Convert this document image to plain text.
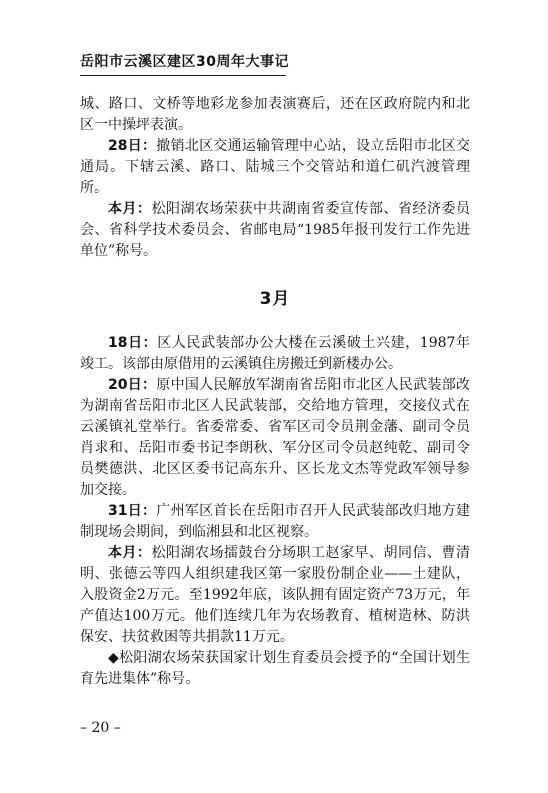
岳阳市云溪区建区30周年大事记

城、路口、文桥等地彩龙参加表演赛后，还在区政府院内和北区一中操坪表演。

28日：撤销北区交通运输管理中心站，设立岳阳市北区交通局。下辖云溪、路口、陆城三个交管站和道仁矶汽渡管理所。

本月：松阳湖农场荣获中共湖南省委宣传部、省经济委员会、省科学技术委员会、省邮电局“1985年报刊发行工作先进单位”称号。

3月

18日：区人民武装部办公大楼在云溪破土兴建，1987年竣工。该部由原借用的云溪镇住房搬迁到新楼办公。

20日：原中国人民解放军湖南省岳阳市北区人民武装部改为湖南省岳阳市北区人民武装部，交给地方管理，交接仪式在云溪镇礼堂举行。省委常委、省军区司令员荆金藩、副司令员肖求和、岳阳市委书记李朗秋、军分区司令员赵纯乾、副司令员樊德洪、北区区委书记高东升、区长龙文杰等党政军领导参加交接。

31日：广州军区首长在岳阳市召开人民武装部改归地方建制现场会期间，到临湘县和北区视察。

本月：松阳湖农场擂鼓台分场职工赵家早、胡同信、曹清明、张德云等四人组织建我区第一家股份制企业——土建队，入股资金2万元。至1992年底，该队拥有固定资产73万元，年产值达100万元。他们连续几年为农场教育、植树造林、防洪保安、扶贫救困等共捐款11万元。

◆松阳湖农场荣获国家计划生育委员会授予的“全国计划生育先进集体”称号。

– 20 –
